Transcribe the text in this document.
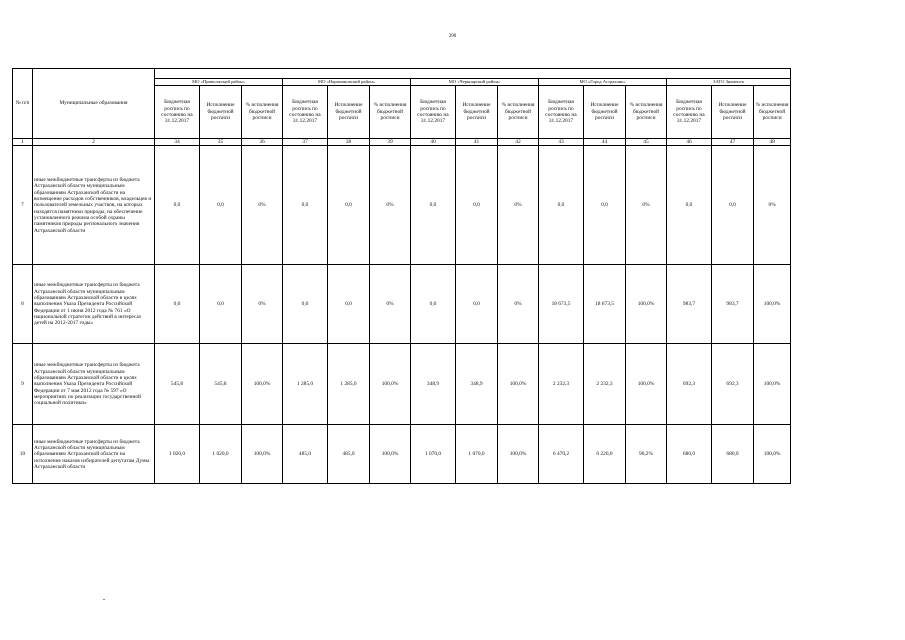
390
№ п/п	Муниципальные образования															
		МО «Приволжский район»			МО «Наримановский район»			МО «Черноярский район»			МО «Город Астрахань»			ЗАТО Знаменск		
		Бюджетная роспись по состоянию на 31.12.2017	Исполнение бюджетной росписи	% исполнения бюджетной росписи	Бюджетная роспись по состоянию на 31.12.2017	Исполнение бюджетной росписи	% исполнения бюджетной росписи	Бюджетная роспись по состоянию на 31.12.2017	Исполнение бюджетной росписи	% исполнения бюджетной росписи	Бюджетная роспись по состоянию на 31.12.2017	Исполнение бюджетной росписи	% исполнения бюджетной росписи	Бюджетная роспись по состоянию на 31.12.2017	Исполнение бюджетной росписи	% исполнения бюджетной росписи
1	2	34	35	36	37	38	39	40	41	42	43	44	45	46	47	48
7	иные межбюджетные трансферты из бюджета Астраханской области муниципальным образованиям Астраханской области на возмещение расходов собственников, владельцев и пользователей земельных участков, на которых находятся памятники природы, на обеспечение установленного режима особой охраны памятников природы регионального значения Астраханской области	0,0	0,0	0%	0,0	0,0	0%	0,0	0,0	0%	0,0	0,0	0%	0,0	0,0	0%
8	иные межбюджетные трансферты из бюджета Астраханской области муниципальным образованиям Астраханской области в целях выполнения Указа Президента Российской Федерации от 1 июня 2012 года № 761 «О национальной стратегии действий в интересах детей на 2012-2017 годы»	0,0	0,0	0%	0,0	0,0	0%	0,0	0,0	0%	18 673,5	18 673,5	100,0%	983,7	983,7	100,0%
9	иные межбюджетные трансферты из бюджета Астраханской области муниципальным образованиям Астраханской области в целях выполнения Указа Президента Российской Федерации от 7 мая 2012 года № 597 «О мероприятиях по реализации государственной социальной политики»	545,8	545,8	100,0%	1 285,0	1 285,0	100,0%	348,9	348,9	100,0%	2 232,3	2 232,3	100,0%	692,3	692,3	100,0%
10	иные межбюджетные трансферты из бюджета Астраханской области муниципальным образованиям Астраханской области на исполнение наказов избирателей депутатам Думы Астраханской области	1 020,0	1 020,0	100,0%	485,0	485,0	100,0%	1 070,0	1 070,0	100,0%	6 470,2	6 226,0	96,2%	680,0	680,0	100,0%
